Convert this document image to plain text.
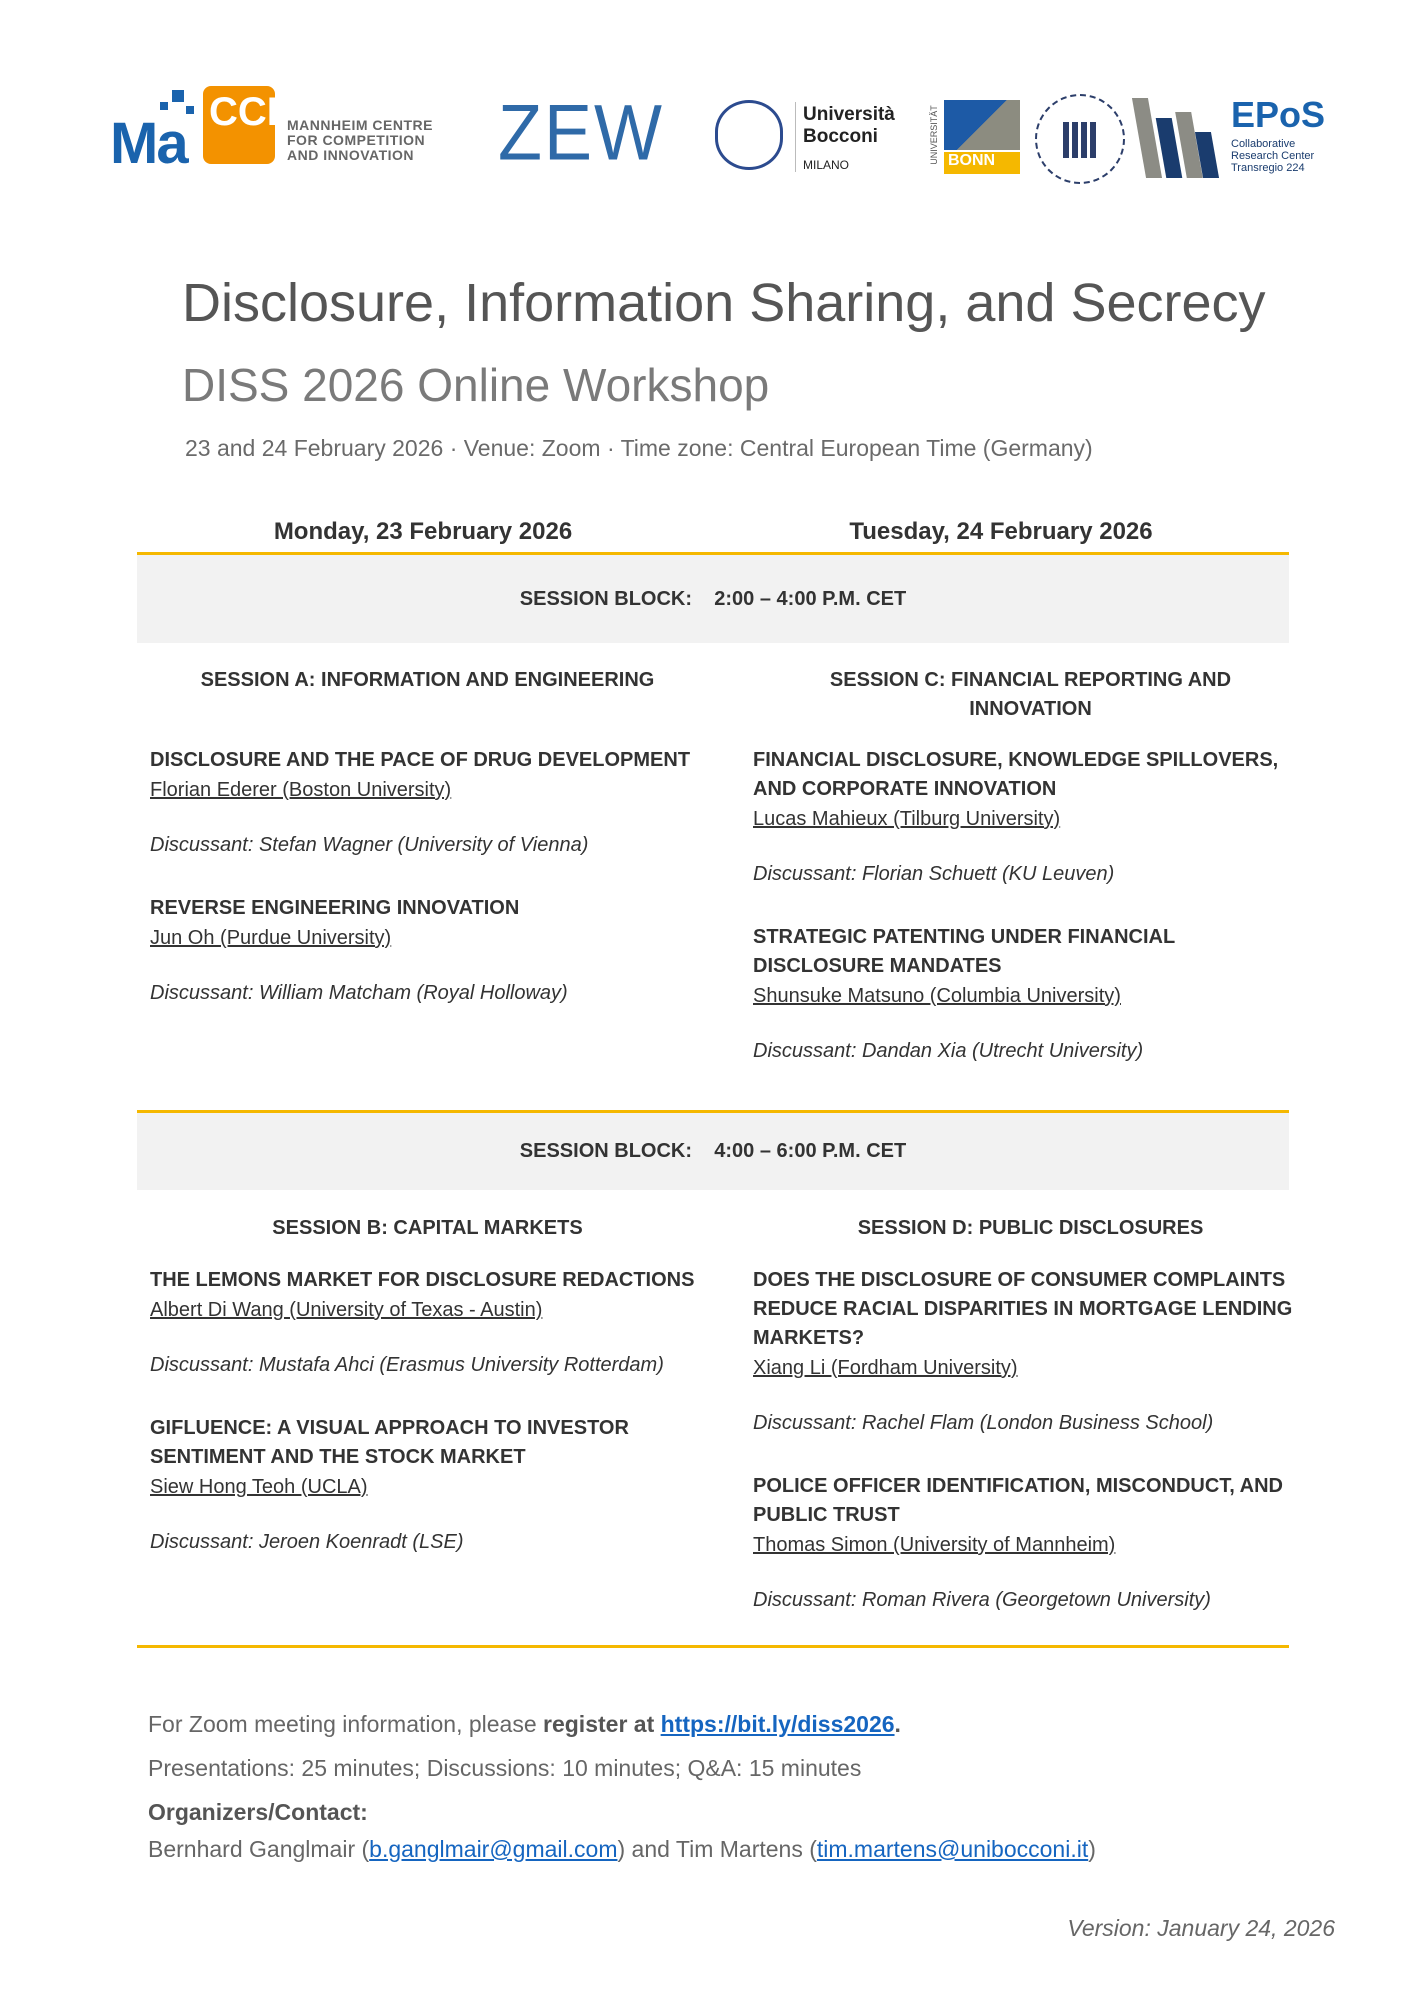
Ma CCI MANNHEIM CENTRE
FOR COMPETITION
AND INNOVATION ZEW	Università
Bocconi
MILANO
UNIVERSITÄT BONN
EPoS
Collaborative
Research Center
Transregio 224
Disclosure, Information Sharing, and Secrecy
DISS 2026 Online Workshop
23 and 24 February 2026 · Venue: Zoom · Time zone: Central European Time (Germany)
Monday, 23 February 2026	Tuesday, 24 February 2026
SESSION BLOCK: 2:00 – 4:00 P.M. CET
SESSION A: INFORMATION AND ENGINEERING
DISCLOSURE AND THE PACE OF DRUG DEVELOPMENT
Florian Ederer (Boston University)
Discussant: Stefan Wagner (University of Vienna)
REVERSE ENGINEERING INNOVATION
Jun Oh (Purdue University)
Discussant: William Matcham (Royal Holloway)
SESSION C: FINANCIAL REPORTING AND INNOVATION
FINANCIAL DISCLOSURE, KNOWLEDGE SPILLOVERS, AND CORPORATE INNOVATION
Lucas Mahieux (Tilburg University)
Discussant: Florian Schuett (KU Leuven)
STRATEGIC PATENTING UNDER FINANCIAL DISCLOSURE MANDATES
Shunsuke Matsuno (Columbia University)
Discussant: Dandan Xia (Utrecht University)
SESSION BLOCK: 4:00 – 6:00 P.M. CET
SESSION B: CAPITAL MARKETS
THE LEMONS MARKET FOR DISCLOSURE REDACTIONS
Albert Di Wang (University of Texas - Austin)
Discussant: Mustafa Ahci (Erasmus University Rotterdam)
GIFLUENCE: A VISUAL APPROACH TO INVESTOR SENTIMENT AND THE STOCK MARKET
Siew Hong Teoh (UCLA)
Discussant: Jeroen Koenradt (LSE)
SESSION D: PUBLIC DISCLOSURES
DOES THE DISCLOSURE OF CONSUMER COMPLAINTS REDUCE RACIAL DISPARITIES IN MORTGAGE LENDING MARKETS?
Xiang Li (Fordham University)
Discussant: Rachel Flam (London Business School)
POLICE OFFICER IDENTIFICATION, MISCONDUCT, AND PUBLIC TRUST
Thomas Simon (University of Mannheim)
Discussant: Roman Rivera (Georgetown University)
For Zoom meeting information, please register at https://bit.ly/diss2026.
Presentations: 25 minutes; Discussions: 10 minutes; Q&A: 15 minutes
Organizers/Contact:
Bernhard Ganglmair (b.ganglmair@gmail.com) and Tim Martens (tim.martens@unibocconi.it)
Version: January 24, 2026
